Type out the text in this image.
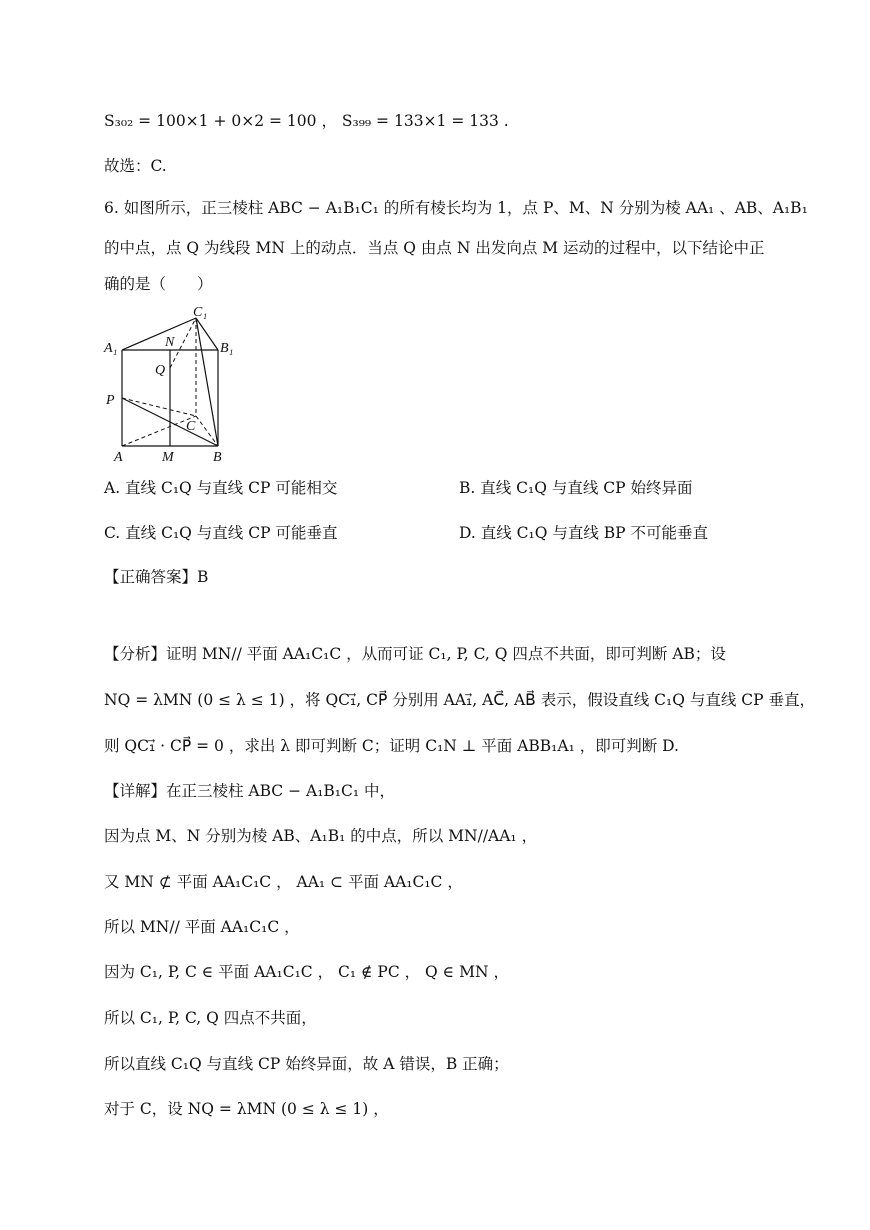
S₃₀₂ = 100×1 + 0×2 = 100 ， S₃₉₉ = 133×1 = 133 .
故选：C.
6. 如图所示，正三棱柱 ABC − A₁B₁C₁ 的所有棱长均为 1，点 P、M、N 分别为棱 AA₁ 、AB、A₁B₁
的中点，点 Q 为线段 MN 上的动点．当点 Q 由点 N 出发向点 M 运动的过程中，以下结论中正
确的是（　　）
C₁
A₁	N	B₁
Q
P
C
A	M	B
A. 直线 C₁Q 与直线 CP 可能相交	B. 直线 C₁Q 与直线 CP 始终异面
C. 直线 C₁Q 与直线 CP 可能垂直	D. 直线 C₁Q 与直线 BP 不可能垂直
【正确答案】B
【分析】证明 MN// 平面 AA₁C₁C ，从而可证 C₁, P, C, Q 四点不共面，即可判断 AB；设
NQ = λMN (0 ≤ λ ≤ 1) ，将 QC₁⃗, CP⃗ 分别用 AA₁⃗, AC⃗, AB⃗ 表示，假设直线 C₁Q 与直线 CP 垂直，
则 QC₁⃗ · CP⃗ = 0 ，求出 λ 即可判断 C；证明 C₁N ⊥ 平面 ABB₁A₁ ，即可判断 D.
【详解】在正三棱柱 ABC − A₁B₁C₁ 中，
因为点 M、N 分别为棱 AB、A₁B₁ 的中点，所以 MN//AA₁ ，
又 MN ⊄ 平面 AA₁C₁C ， AA₁ ⊂ 平面 AA₁C₁C ，
所以 MN// 平面 AA₁C₁C ，
因为 C₁, P, C ∈ 平面 AA₁C₁C ， C₁ ∉ PC ， Q ∈ MN ，
所以 C₁, P, C, Q 四点不共面，
所以直线 C₁Q 与直线 CP 始终异面，故 A 错误，B 正确；
对于 C，设 NQ = λMN (0 ≤ λ ≤ 1) ，
